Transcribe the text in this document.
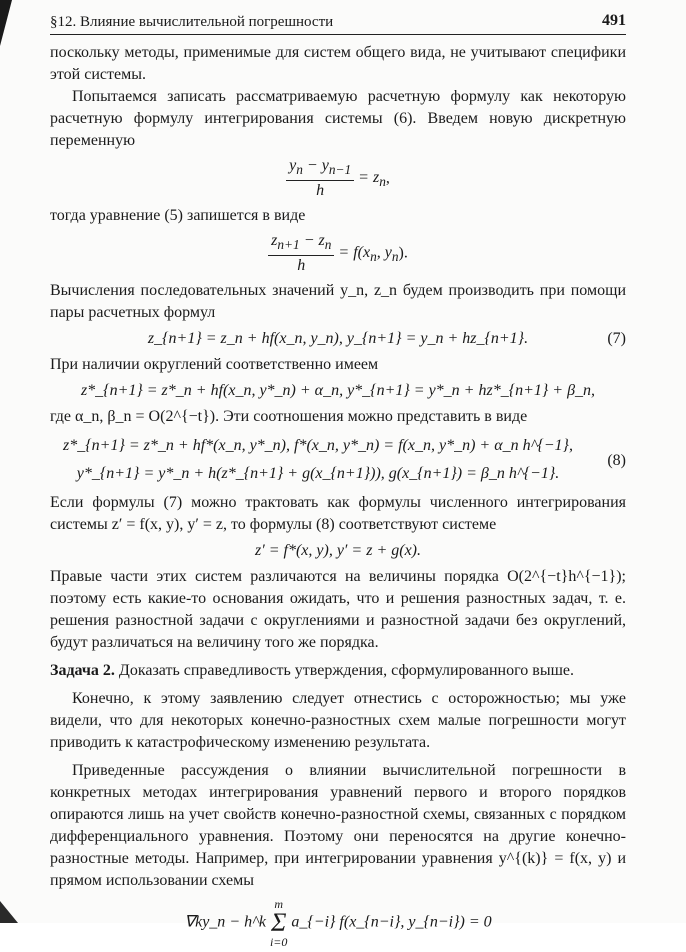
§12. Влияние вычислительной погрешности	491

поскольку методы, применимые для систем общего вида, не учитывают специфики этой системы.

Попытаемся записать рассматриваемую расчетную формулу как некоторую расчетную формулу интегрирования системы (6). Введем новую дискретную переменную

$\frac{y_n - y_{n-1}}{h} = z_n$,

тогда уравнение (5) запишется в виде

$\frac{z_{n+1} - z_n}{h} = f(x_n$, $y_n$).

Вычисления последовательных значений y_n, z_n будем производить при помощи пары расчетных формул

z_{n+1} = z_n + hf(x_n, y_n), y_{n+1} = y_n + hz_{n+1}.	(7)

При наличии округлений соответственно имеем

z*_{n+1} = z*_n + hf(x_n, y*_n) + α_n, y*_{n+1} = y*_n + hz*_{n+1} + β_n,

где α_n, β_n = O(2^{−t}). Эти соотношения можно представить в виде

z*_{n+1} = z*_n + hf*(x_n, y*_n), f*(x_n, y*_n) = f(x_n, y*_n) + α_n h^{−1},
y*_{n+1} = y*_n + h(z*_{n+1} + g(x_{n+1})), g(x_{n+1}) = β_n h^{−1}.
(8)

Если формулы (7) можно трактовать как формулы численного интегрирования системы z′ = f(x, y), y′ = z, то формулы (8) соответствуют системе

z′ = f*(x, y), y′ = z + g(x).

Правые части этих систем различаются на величины порядка O(2^{−t}h^{−1}); поэтому есть какие-то основания ожидать, что и решения разностных задач, т. е. решения разностной задачи с округлениями и разностной задачи без округлений, будут различаться на величину того же порядка.

Задача 2. Доказать справедливость утверждения, сформулированного выше.

Конечно, к этому заявлению следует отнестись с осторожностью; мы уже видели, что для некоторых конечно-разностных схем малые погрешности могут приводить к катастрофическому изменению результата.

Приведенные рассуждения о влиянии вычислительной погрешности в конкретных методах интегрирования уравнений первого и второго порядков опираются лишь на учет свойств конечно-разностной схемы, связанных с порядком дифференциального уравнения. Поэтому они переносятся на другие конечно-разностные методы. Например, при интегрировании уравнения y^{(k)} = f(x, y) и прямом использовании схемы

∇ky_n − h^k m
Σ
i=0 a_{−i} f(x_{n−i}, y_{n−i}) = 0
